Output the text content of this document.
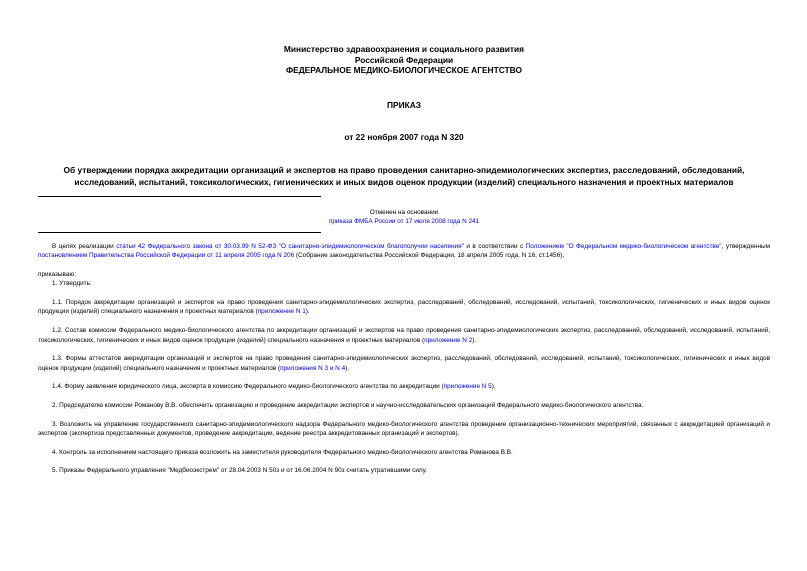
Министерство здравоохранения и социального развития
Российской Федерации
ФЕДЕРАЛЬНОЕ МЕДИКО-БИОЛОГИЧЕСКОЕ АГЕНТСТВО
ПРИКАЗ
от 22 ноября 2007 года N 320
Об утверждении порядка аккредитации организаций и экспертов на право проведения санитарно-эпидемиологических экспертиз, расследований, обследований, исследований, испытаний, токсикологических, гигиенических и иных видов оценок продукции (изделий) специального назначения и проектных материалов
Отменен на основании
приказа ФМБА России от 17 июля 2008 года N 241
В целях реализации статьи 42 Федерального закона от 30.03.99 N 52-ФЗ "О санитарно-эпидемиологическом благополучии населения" и в соответствии с Положением "О Федеральном медико-биологическом агентстве", утвержденным постановлением Правительства Российской Федерации от 11 апреля 2005 года N 206 (Собрание законодательства Российской Федерации, 18 апреля 2005 года, N 16, ст.1456),
приказываю:
1. Утвердить:
1.1. Порядок аккредитации организаций и экспертов на право проведения санитарно-эпидемиологических экспертиз, расследований, обследований, исследований, испытаний, токсикологических, гигиенических и иных видов оценок продукции (изделий) специального назначения и проектных материалов (приложение N 1).
1.2. Состав комиссии Федерального медико-биологического агентства по аккредитации организаций и экспертов на право проведения санитарно-эпидемиологических экспертиз, расследований, обследований, исследований, испытаний, токсикологических, гигиенических и иных видов оценок продукции (изделий) специального назначения и проектных материалов (приложение N 2).
1.3. Формы аттестатов аккредитации организаций и экспертов на право проведения санитарно-эпидемиологических экспертиз, расследований, обследований, исследований, испытаний, токсикологических, гигиенических и иных видов оценок продукции (изделий) специального назначения и проектных материалов (приложения N 3 и N 4).
1.4. Форму заявления юридического лица, эксперта в комиссию Федерального медико-биологического агентства по аккредитации (приложение N 5).
2. Председателю комиссии Романову В.В. обеспечить организацию и проведение аккредитации экспертов и научно-исследовательских организаций Федерального медико-биологического агентства.
3. Возложить на управление государственного санитарно-эпидемиологического надзора Федерального медико-биологического агентства проведение организационно-технических мероприятий, связанных с аккредитацией организаций и экспертов (экспертиза представленных документов, проведение аккредитации, ведение реестра аккредитованных организаций и экспертов).
4. Контроль за исполнением настоящего приказа возложить на заместителя руководителя Федерального медико-биологического агентства Романова В.В.
5. Приказы Федерального управления "Медбиоэкстрем" от 28.04.2003 N 50з и от 16.06.2004 N 90з считать утратившими силу.
